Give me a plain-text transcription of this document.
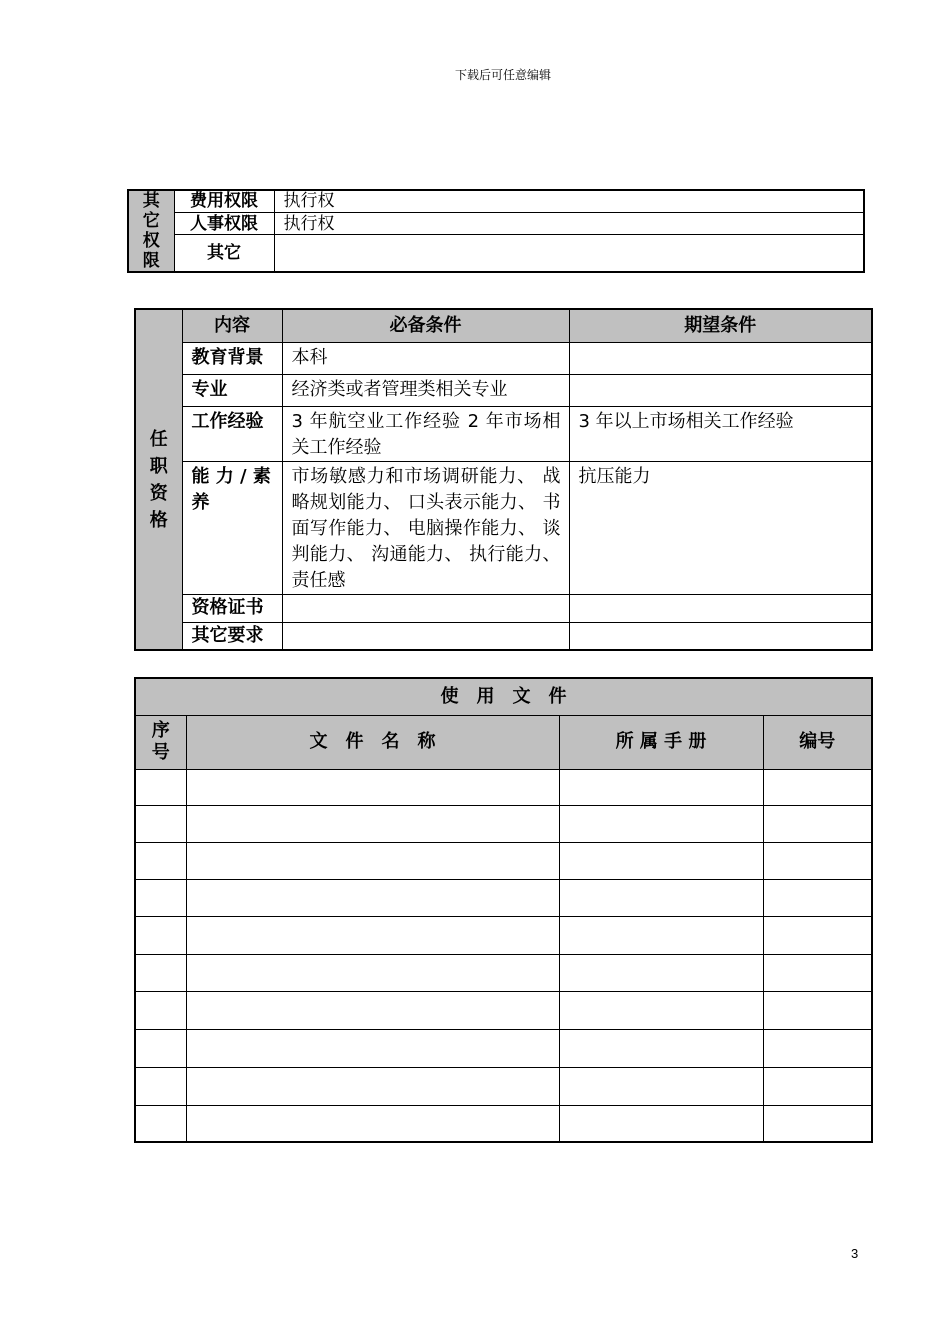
下载后可任意编辑
其
它
权
限	费用权限	执行权
	人事权限	执行权
	其它	
任
职
资
格	内容	必备条件	期望条件
	教育背景	本科	
	专业	经济类或者管理类相关专业	
	工作经验	3 年航空业工作经验 2 年市场相关工作经验	3 年以上市场相关工作经验
	能 力 / 素 养	市场敏感力和市场调研能力、 战略规划能力、 口头表示能力、 书面写作能力、 电脑操作能力、 谈判能力、 沟通能力、 执行能力、 责任感	抗压能力
	资格证书		
	其它要求		
使　用　文　件			
序
号	文　件　名　称	所 属 手 册	编号

3
